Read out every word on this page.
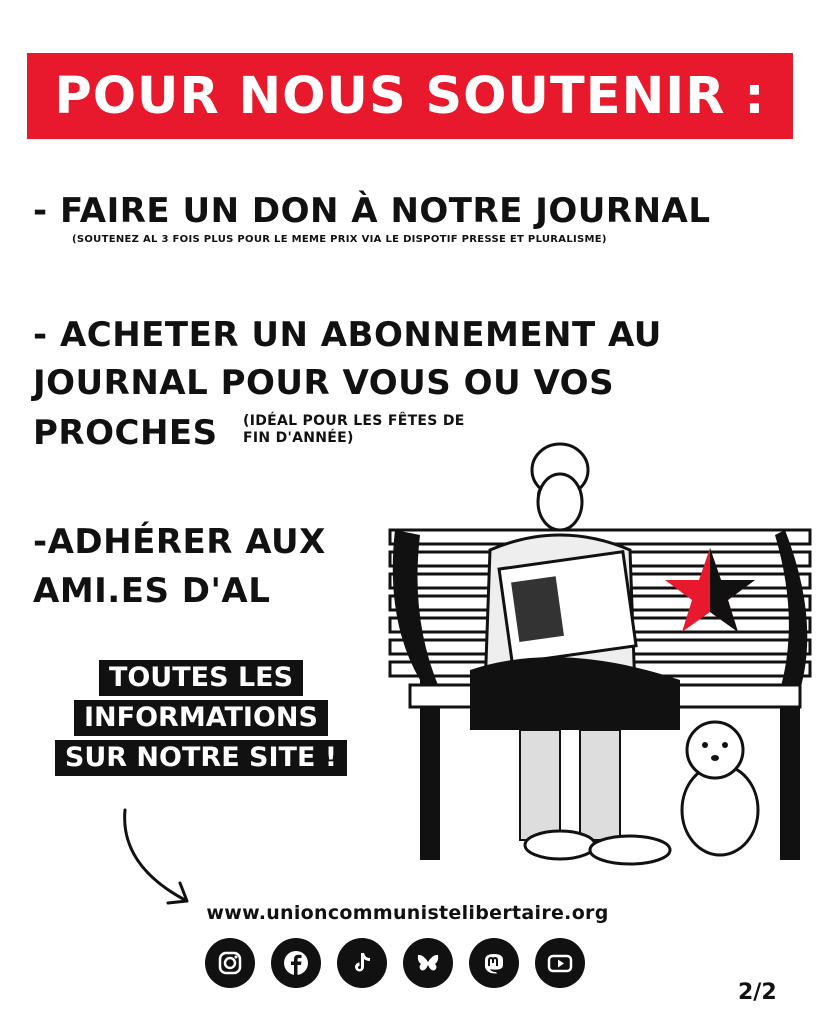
POUR NOUS SOUTENIR :
- FAIRE UN DON À NOTRE JOURNAL
(SOUTENEZ AL 3 FOIS PLUS POUR LE MEME PRIX VIA LE DISPOTIF PRESSE ET PLURALISME)
- ACHETER UN ABONNEMENT AU
JOURNAL POUR VOUS OU VOS
PROCHES (IDÉAL POUR LES FÊTES DE
FIN D'ANNÉE)
-ADHÉRER AUX
AMI.ES D'AL
TOUTES LES
INFORMATIONS
SUR NOTRE SITE !
www.unioncommunistelibertaire.org
2/2
